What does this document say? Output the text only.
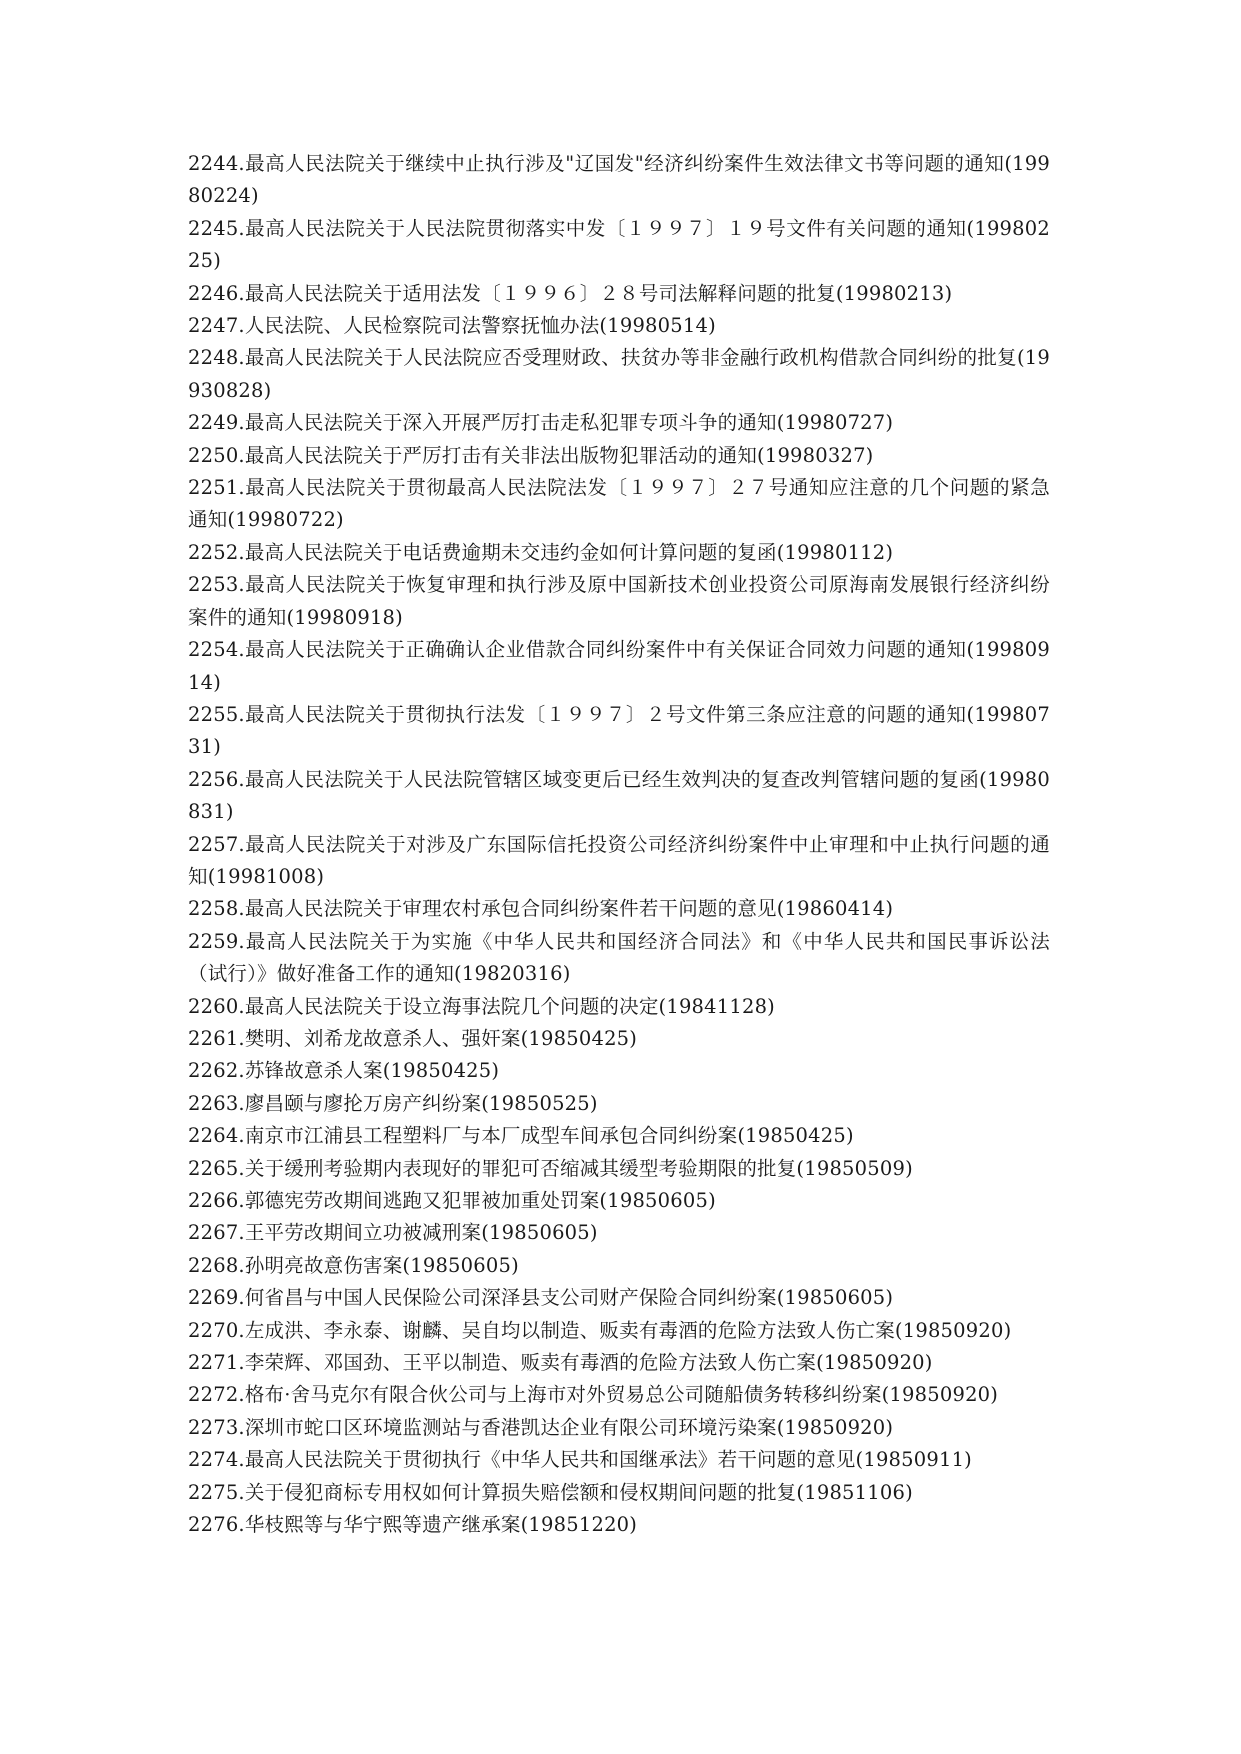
2244.最高人民法院关于继续中止执行涉及"辽国发"经济纠纷案件生效法律文书等问题的通知(19980224)

2245.最高人民法院关于人民法院贯彻落实中发〔１９９７〕１９号文件有关问题的通知(19980225)

2246.最高人民法院关于适用法发〔１９９６〕２８号司法解释问题的批复(19980213)

2247.人民法院、人民检察院司法警察抚恤办法(19980514)

2248.最高人民法院关于人民法院应否受理财政、扶贫办等非金融行政机构借款合同纠纷的批复(19930828)

2249.最高人民法院关于深入开展严厉打击走私犯罪专项斗争的通知(19980727)

2250.最高人民法院关于严厉打击有关非法出版物犯罪活动的通知(19980327)

2251.最高人民法院关于贯彻最高人民法院法发〔１９９７〕２７号通知应注意的几个问题的紧急通知(19980722)

2252.最高人民法院关于电话费逾期未交违约金如何计算问题的复函(19980112)

2253.最高人民法院关于恢复审理和执行涉及原中国新技术创业投资公司原海南发展银行经济纠纷案件的通知(19980918)

2254.最高人民法院关于正确确认企业借款合同纠纷案件中有关保证合同效力问题的通知(19980914)

2255.最高人民法院关于贯彻执行法发〔１９９７〕２号文件第三条应注意的问题的通知(19980731)

2256.最高人民法院关于人民法院管辖区域变更后已经生效判决的复查改判管辖问题的复函(19980831)

2257.最高人民法院关于对涉及广东国际信托投资公司经济纠纷案件中止审理和中止执行问题的通知(19981008)

2258.最高人民法院关于审理农村承包合同纠纷案件若干问题的意见(19860414)

2259.最高人民法院关于为实施《中华人民共和国经济合同法》和《中华人民共和国民事诉讼法（试行）》做好准备工作的通知(19820316)

2260.最高人民法院关于设立海事法院几个问题的决定(19841128)

2261.樊明、刘希龙故意杀人、强奸案(19850425)

2262.苏锋故意杀人案(19850425)

2263.廖昌颐与廖抡万房产纠纷案(19850525)

2264.南京市江浦县工程塑料厂与本厂成型车间承包合同纠纷案(19850425)

2265.关于缓刑考验期内表现好的罪犯可否缩减其缓型考验期限的批复(19850509)

2266.郭德宪劳改期间逃跑又犯罪被加重处罚案(19850605)

2267.王平劳改期间立功被减刑案(19850605)

2268.孙明亮故意伤害案(19850605)

2269.何省昌与中国人民保险公司深泽县支公司财产保险合同纠纷案(19850605)

2270.左成洪、李永泰、谢麟、吴自均以制造、贩卖有毒酒的危险方法致人伤亡案(19850920)

2271.李荣辉、邓国劲、王平以制造、贩卖有毒酒的危险方法致人伤亡案(19850920)

2272.格布·舍马克尔有限合伙公司与上海市对外贸易总公司随船债务转移纠纷案(19850920)

2273.深圳市蛇口区环境监测站与香港凯达企业有限公司环境污染案(19850920)

2274.最高人民法院关于贯彻执行《中华人民共和国继承法》若干问题的意见(19850911)

2275.关于侵犯商标专用权如何计算损失赔偿额和侵权期间问题的批复(19851106)

2276.华枝熙等与华宁熙等遗产继承案(19851220)
